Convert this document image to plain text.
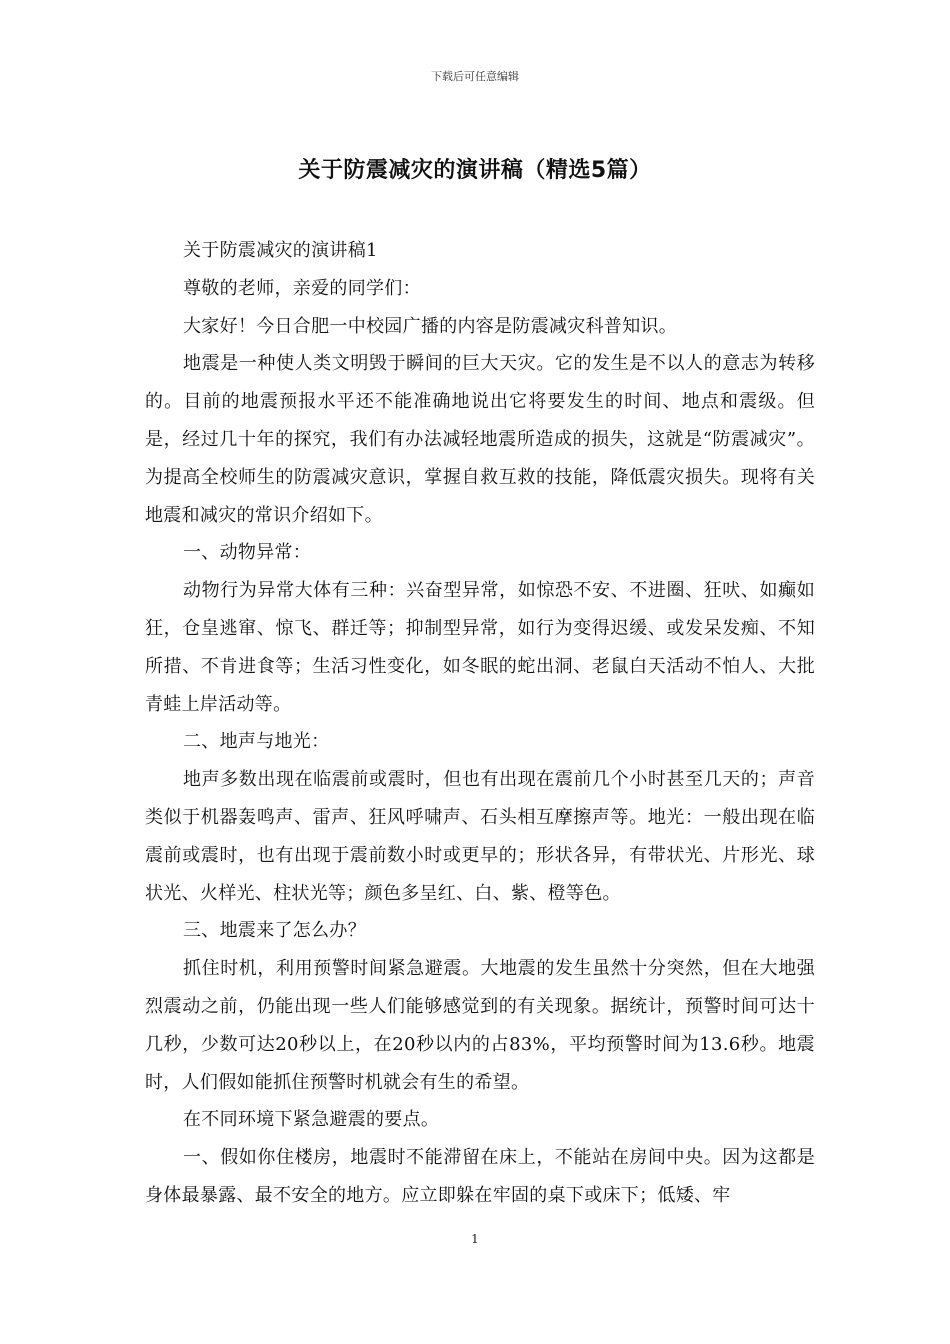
下载后可任意编辑
关于防震减灾的演讲稿（精选5篇）

关于防震减灾的演讲稿1

尊敬的老师，亲爱的同学们：

大家好！今日合肥一中校园广播的内容是防震减灾科普知识。

地震是一种使人类文明毁于瞬间的巨大天灾。它的发生是不以人的意志为转移的。目前的地震预报水平还不能准确地说出它将要发生的时间、地点和震级。但是，经过几十年的探究，我们有办法减轻地震所造成的损失，这就是“防震减灾”。为提高全校师生的防震减灾意识，掌握自救互救的技能，降低震灾损失。现将有关地震和减灾的常识介绍如下。

一、动物异常：

动物行为异常大体有三种：兴奋型异常，如惊恐不安、不进圈、狂吠、如癫如狂，仓皇逃窜、惊飞、群迁等；抑制型异常，如行为变得迟缓、或发呆发痴、不知所措、不肯进食等；生活习性变化，如冬眠的蛇出洞、老鼠白天活动不怕人、大批青蛙上岸活动等。

二、地声与地光：

地声多数出现在临震前或震时，但也有出现在震前几个小时甚至几天的；声音类似于机器轰鸣声、雷声、狂风呼啸声、石头相互摩擦声等。地光：一般出现在临震前或震时，也有出现于震前数小时或更早的；形状各异，有带状光、片形光、球状光、火样光、柱状光等；颜色多呈红、白、紫、橙等色。

三、地震来了怎么办？

抓住时机，利用预警时间紧急避震。大地震的发生虽然十分突然，但在大地强烈震动之前，仍能出现一些人们能够感觉到的有关现象。据统计，预警时间可达十几秒，少数可达20秒以上，在20秒以内的占83%，平均预警时间为13.6秒。地震时，人们假如能抓住预警时机就会有生的希望。

在不同环境下紧急避震的要点。

一、假如你住楼房，地震时不能滞留在床上，不能站在房间中央。因为这都是身体最暴露、最不安全的地方。应立即躲在牢固的桌下或床下；低矮、牢

1
